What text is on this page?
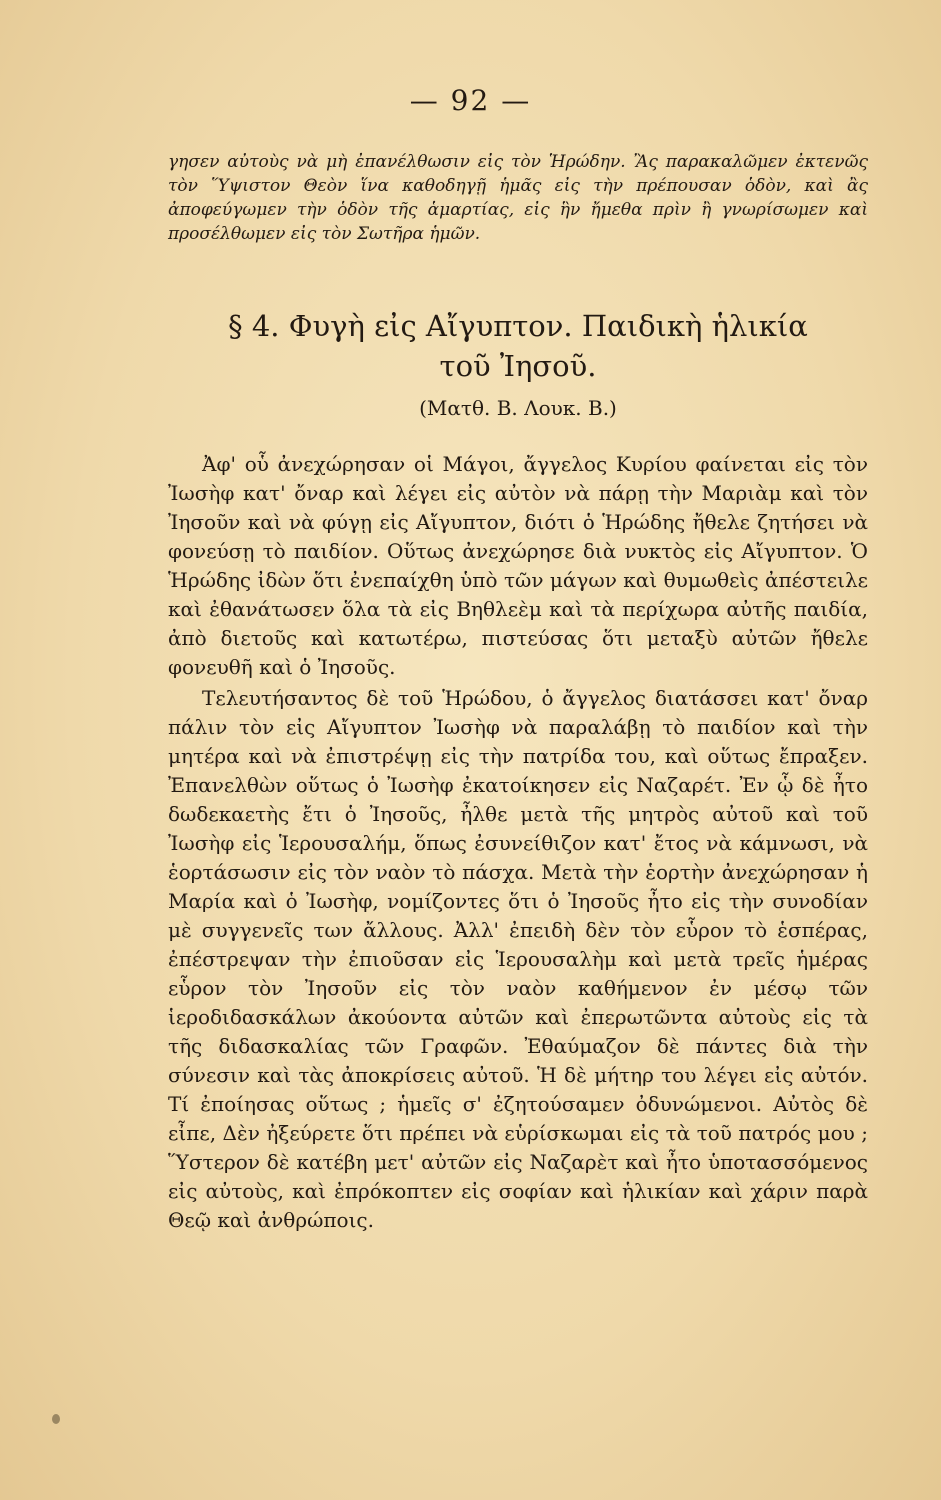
— 92 —
γησεν αὐτοὺς νὰ μὴ ἐπανέλθωσιν εἰς τὸν Ἡρώδην. Ἂς παρακαλῶμεν ἐκτενῶς τὸν Ὕψιστον Θεὸν ἵνα καθοδηγῇ ἡμᾶς εἰς τὴν πρέπουσαν ὁδὸν, καὶ ἂς ἀποφεύγωμεν τὴν ὁδὸν τῆς ἁμαρτίας, εἰς ἣν ἤμεθα πρὶν ἢ γνωρίσωμεν καὶ προσέλθωμεν εἰς τὸν Σωτῆρα ἡμῶν.
§ 4. Φυγὴ εἰς Αἴγυπτον. Παιδικὴ ἡλικία
τοῦ Ἰησοῦ.
(Ματθ. Β. Λουκ. Β.)

Ἀφ' οὗ ἀνεχώρησαν οἱ Μάγοι, ἄγγελος Κυρίου φαίνεται εἰς τὸν Ἰωσὴφ κατ' ὄναρ καὶ λέγει εἰς αὐτὸν νὰ πάρῃ τὴν Μαριὰμ καὶ τὸν Ἰησοῦν καὶ νὰ φύγῃ εἰς Αἴγυπτον, διότι ὁ Ἡρώδης ἤθελε ζητήσει νὰ φονεύσῃ τὸ παιδίον. Οὕτως ἀνεχώρησε διὰ νυκτὸς εἰς Αἴγυπτον. Ὁ Ἡρώδης ἰδὼν ὅτι ἐνεπαίχθη ὑπὸ τῶν μάγων καὶ θυμωθεὶς ἀπέστειλε καὶ ἐθανάτωσεν ὅλα τὰ εἰς Βηθλεὲμ καὶ τὰ περίχωρα αὐτῆς παιδία, ἀπὸ διετοῦς καὶ κατωτέρω, πιστεύσας ὅτι μεταξὺ αὐτῶν ἤθελε φονευθῆ καὶ ὁ Ἰησοῦς.

Τελευτήσαντος δὲ τοῦ Ἡρώδου, ὁ ἄγγελος διατάσσει κατ' ὄναρ πάλιν τὸν εἰς Αἴγυπτον Ἰωσὴφ νὰ παραλάβῃ τὸ παιδίον καὶ τὴν μητέρα καὶ νὰ ἐπιστρέψῃ εἰς τὴν πατρίδα του, καὶ οὕτως ἔπραξεν. Ἐπανελθὼν οὕτως ὁ Ἰωσὴφ ἐκατοίκησεν εἰς Ναζαρέτ. Ἐν ᾧ δὲ ἦτο δωδεκαετὴς ἔτι ὁ Ἰησοῦς, ἦλθε μετὰ τῆς μητρὸς αὐτοῦ καὶ τοῦ Ἰωσὴφ εἰς Ἱερουσαλήμ, ὅπως ἐσυνείθιζον κατ' ἔτος νὰ κάμνωσι, νὰ ἑορτάσωσιν εἰς τὸν ναὸν τὸ πάσχα. Μετὰ τὴν ἑορτὴν ἀνεχώρησαν ἡ Μαρία καὶ ὁ Ἰωσὴφ, νομίζοντες ὅτι ὁ Ἰησοῦς ἦτο εἰς τὴν συνοδίαν μὲ συγγενεῖς των ἄλλους. Ἀλλ' ἐπειδὴ δὲν τὸν εὗρον τὸ ἑσπέρας, ἐπέστρεψαν τὴν ἐπιοῦσαν εἰς Ἱερουσαλὴμ καὶ μετὰ τρεῖς ἡμέρας εὗρον τὸν Ἰησοῦν εἰς τὸν ναὸν καθήμενον ἐν μέσῳ τῶν ἱεροδιδασκάλων ἀκούοντα αὐτῶν καὶ ἐπερωτῶντα αὐτοὺς εἰς τὰ τῆς διδασκαλίας τῶν Γραφῶν. Ἐθαύμαζον δὲ πάντες διὰ τὴν σύνεσιν καὶ τὰς ἀποκρίσεις αὐτοῦ. Ἡ δὲ μήτηρ του λέγει εἰς αὐτόν. Τί ἐποίησας οὕτως ; ἡμεῖς σ' ἐζητούσαμεν ὀδυνώμενοι. Αὐτὸς δὲ εἶπε, Δὲν ἠξεύρετε ὅτι πρέπει νὰ εὑρίσκωμαι εἰς τὰ τοῦ πατρός μου ; Ὕστερον δὲ κατέβη μετ' αὐτῶν εἰς Ναζαρὲτ καὶ ἦτο ὑποτασσόμενος εἰς αὐτοὺς, καὶ ἐπρόκοπτεν εἰς σοφίαν καὶ ἡλικίαν καὶ χάριν παρὰ Θεῷ καὶ ἀνθρώποις.
